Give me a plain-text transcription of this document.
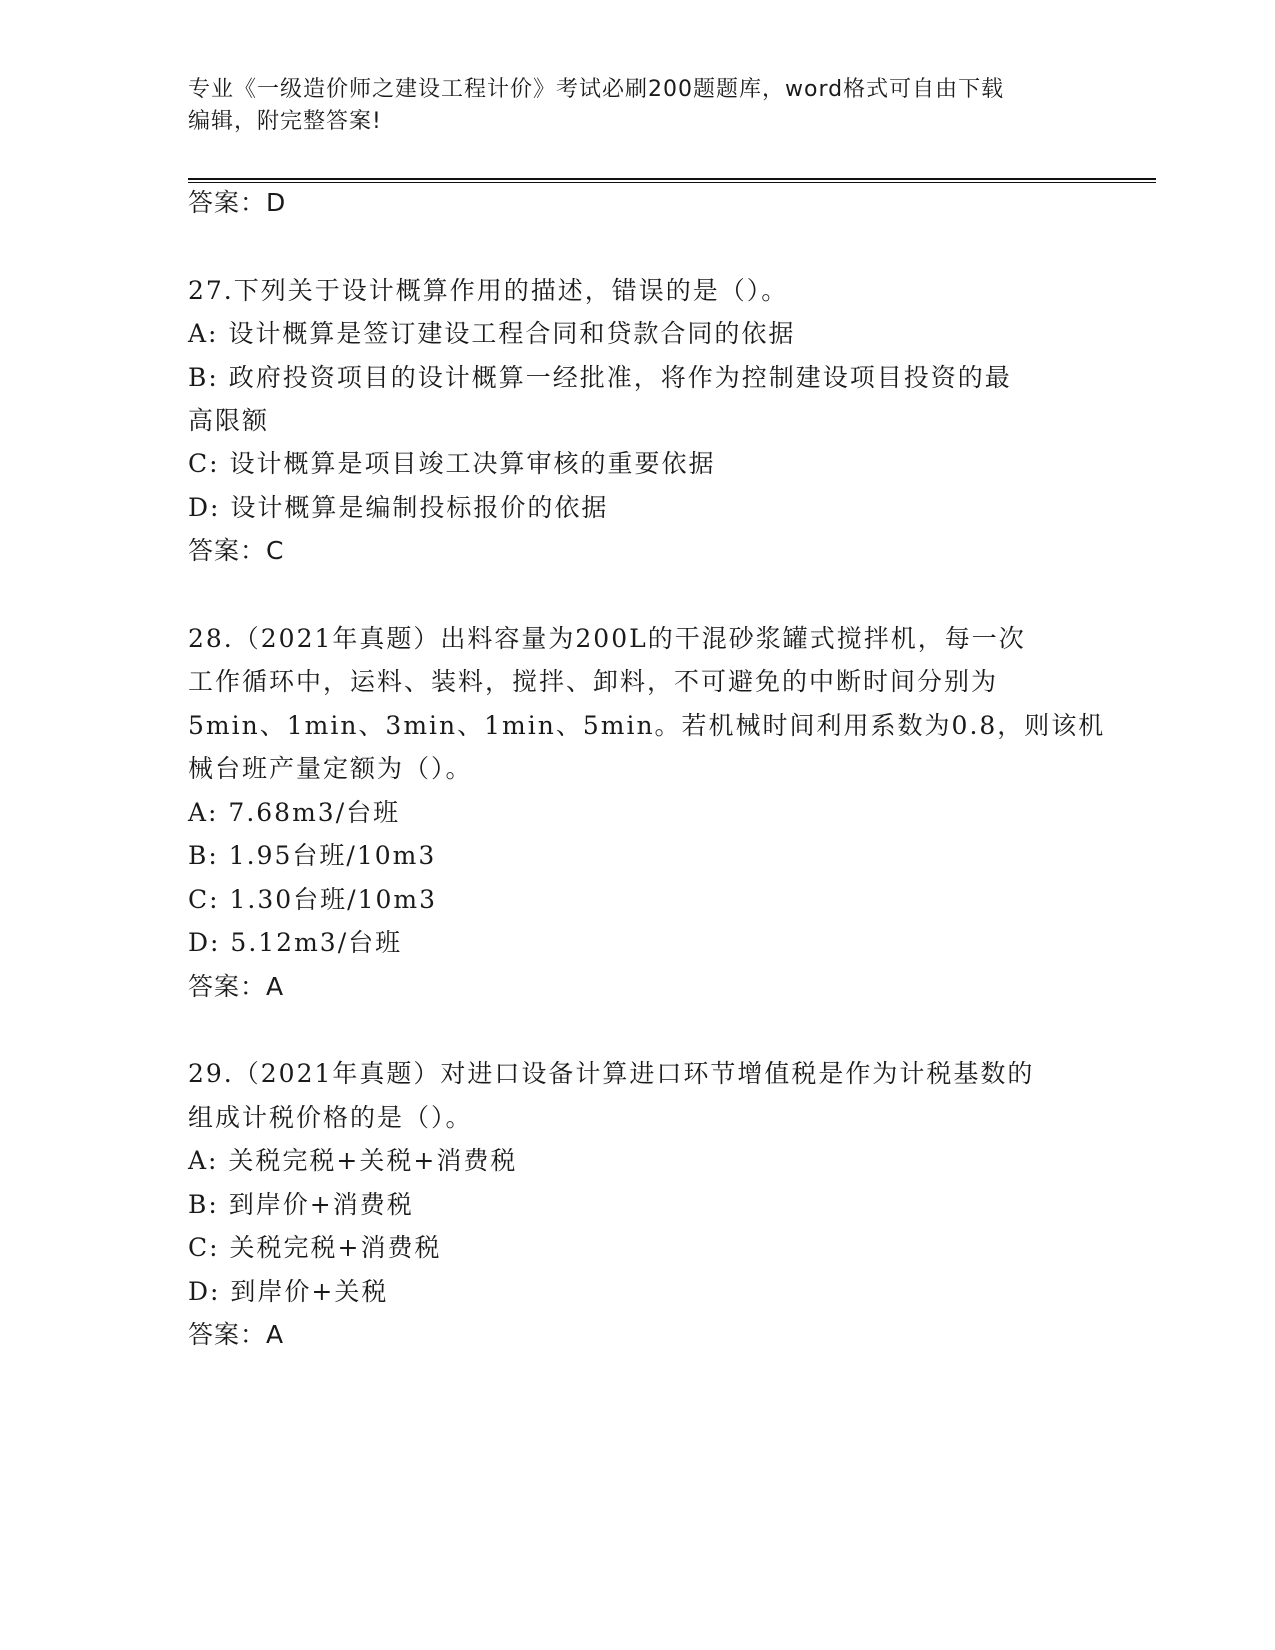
专业《一级造价师之建设工程计价》考试必刷200题题库，word格式可自由下载
编辑，附完整答案!
答案：D
27.下列关于设计概算作用的描述，错误的是（）。
A: 设计概算是签订建设工程合同和贷款合同的依据
B: 政府投资项目的设计概算一经批准，将作为控制建设项目投资的最
高限额
C: 设计概算是项目竣工决算审核的重要依据
D: 设计概算是编制投标报价的依据
答案：C
28.（2021年真题）出料容量为200L的干混砂浆罐式搅拌机，每一次
工作循环中，运料、装料，搅拌、卸料，不可避免的中断时间分别为
5min、1min、3min、1min、5min。若机械时间利用系数为0.8，则该机
械台班产量定额为（）。
A: 7.68m3/台班
B: 1.95台班/10m3
C: 1.30台班/10m3
D: 5.12m3/台班
答案：A
29.（2021年真题）对进口设备计算进口环节增值税是作为计税基数的
组成计税价格的是（）。
A: 关税完税+关税+消费税
B: 到岸价+消费税
C: 关税完税+消费税
D: 到岸价+关税
答案：A
